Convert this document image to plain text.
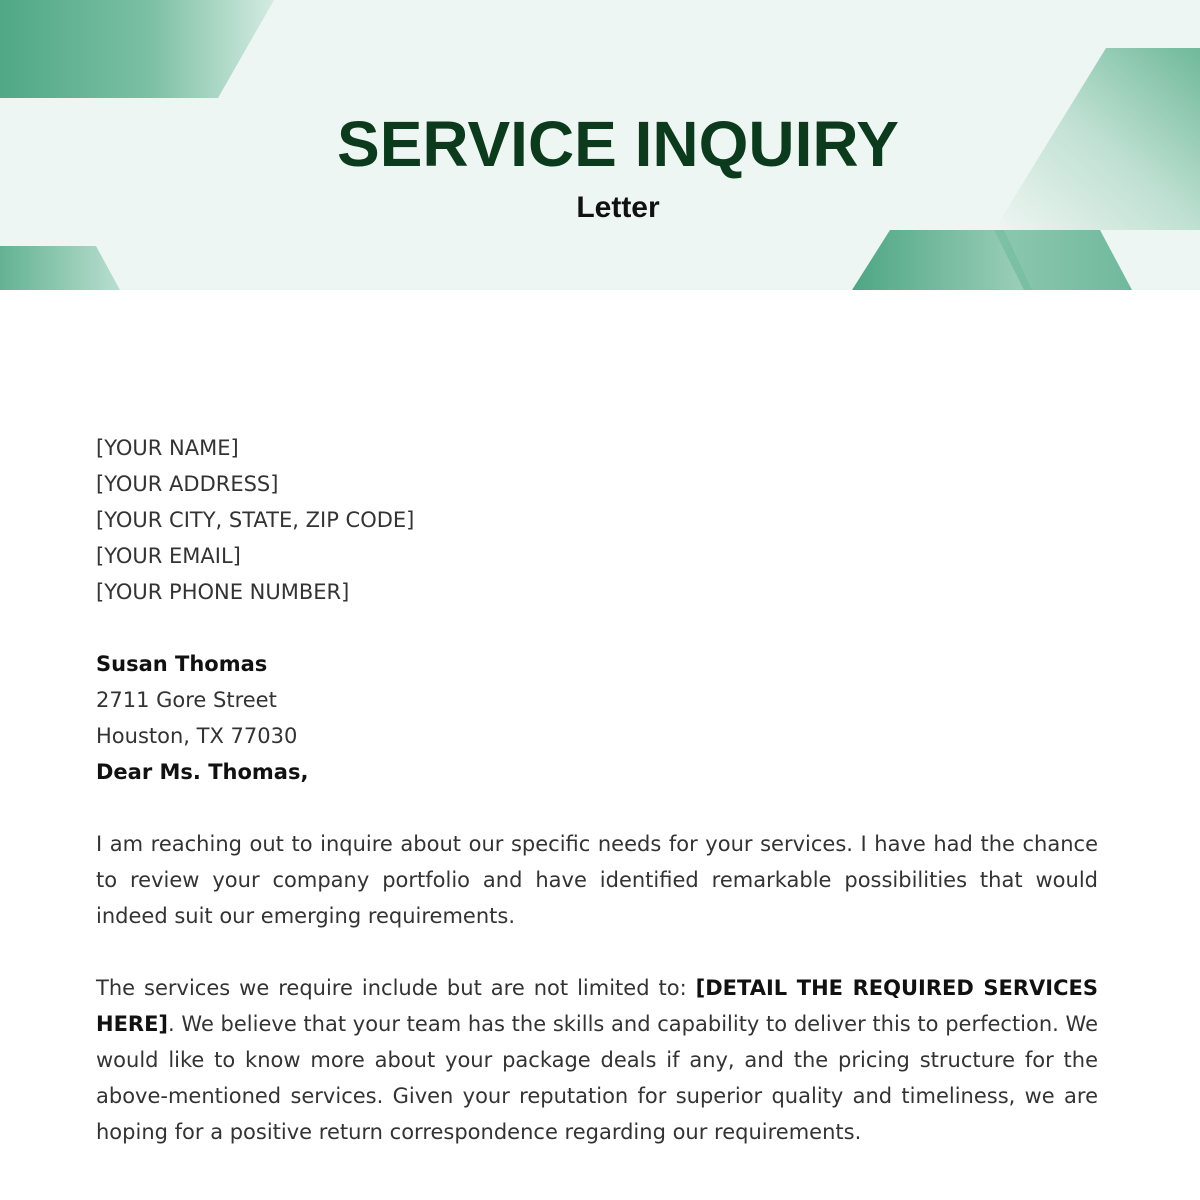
SERVICE INQUIRY
Letter
[YOUR NAME]
[YOUR ADDRESS]
[YOUR CITY, STATE, ZIP CODE]
[YOUR EMAIL]
[YOUR PHONE NUMBER]
Susan Thomas
2711 Gore Street
Houston, TX 77030
Dear Ms. Thomas,

I am reaching out to inquire about our specific needs for your services. I have had the chance to review your company portfolio and have identified remarkable possibilities that would indeed suit our emerging requirements.

The services we require include but are not limited to: [DETAIL THE REQUIRED SERVICES HERE]. We believe that your team has the skills and capability to deliver this to perfection. We would like to know more about your package deals if any, and the pricing structure for the above-mentioned services. Given your reputation for superior quality and timeliness, we are hoping for a positive return correspondence regarding our requirements.
